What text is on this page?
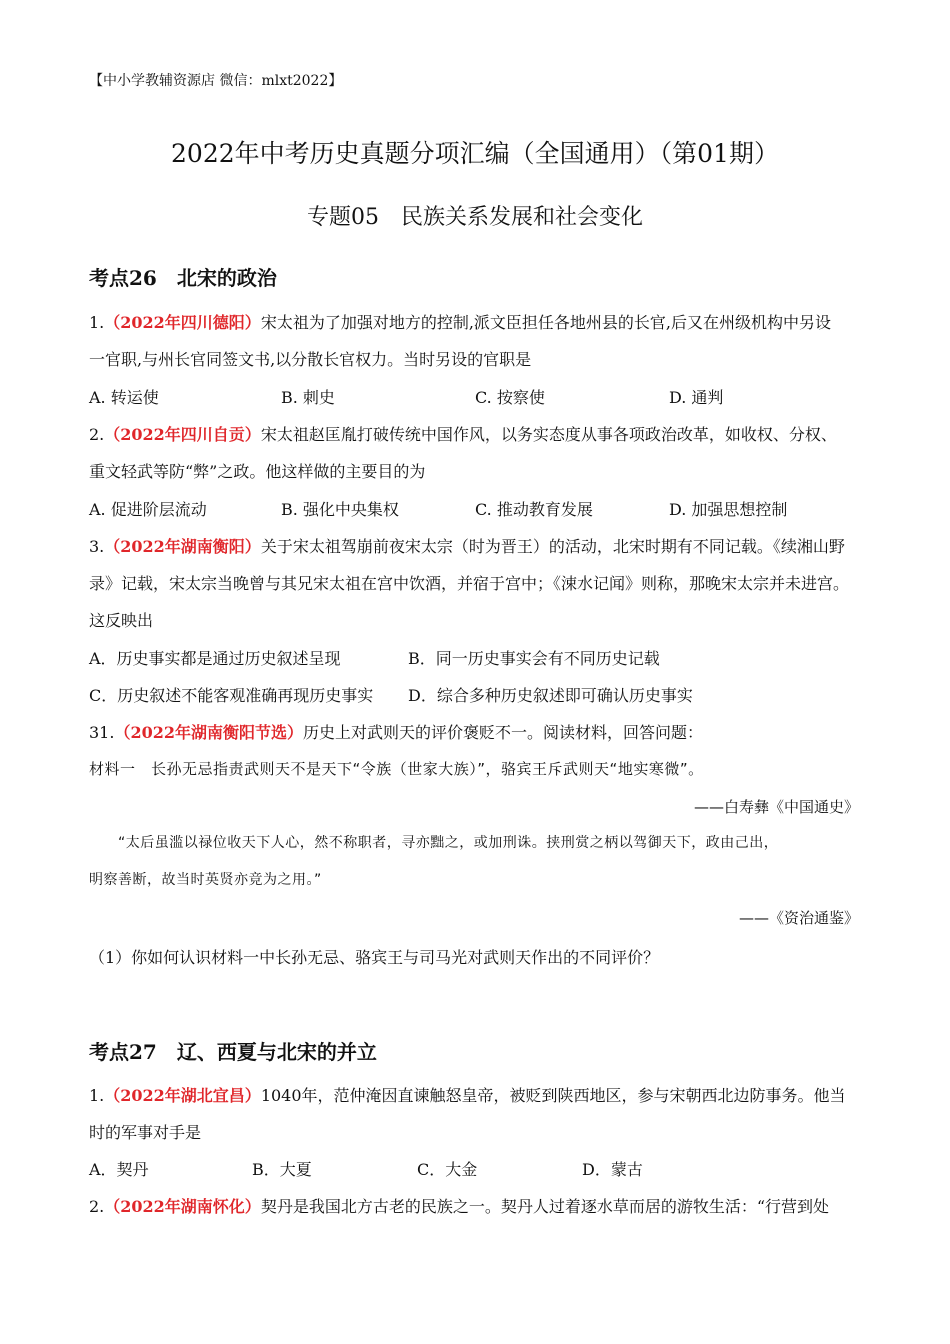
【中小学教辅资源店 微信：mlxt2022】
2022年中考历史真题分项汇编（全国通用）（第01期）
专题05　民族关系发展和社会变化
考点26　北宋的政治
1.（2022年四川德阳）宋太祖为了加强对地方的控制,派文臣担任各地州县的长官,后又在州级机构中另设
一官职,与州长官同签文书,以分散长官权力。当时另设的官职是
A. 转运使	B. 刺史	C. 按察使	D. 通判
2.（2022年四川自贡）宋太祖赵匡胤打破传统中国作风，以务实态度从事各项政治改革，如收权、分权、
重文轻武等防“弊”之政。他这样做的主要目的为
A. 促进阶层流动	B. 强化中央集权	C. 推动教育发展	D. 加强思想控制
3.（2022年湖南衡阳）关于宋太祖驾崩前夜宋太宗（时为晋王）的活动，北宋时期有不同记载。《续湘山野
录》记载，宋太宗当晚曾与其兄宋太祖在宫中饮酒，并宿于宫中；《涑水记闻》则称，那晚宋太宗并未进宫。
这反映出
A．历史事实都是通过历史叙述呈现	B．同一历史事实会有不同历史记载
C．历史叙述不能客观准确再现历史事实 D．综合多种历史叙述即可确认历史事实
31.（2022年湖南衡阳节选）历史上对武则天的评价褒贬不一。阅读材料，回答问题：
材料一　长孙无忌指责武则天不是天下“令族（世家大族）”，骆宾王斥武则天“地实寒微”。
——白寿彝《中国通史》
“太后虽滥以禄位收天下人心，然不称职者，寻亦黜之，或加刑诛。挟刑赏之柄以驾御天下，政由己出，
明察善断，故当时英贤亦竞为之用。”
——《资治通鉴》
（1）你如何认识材料一中长孙无忌、骆宾王与司马光对武则天作出的不同评价？
考点27　辽、西夏与北宋的并立
1.（2022年湖北宜昌）1040年，范仲淹因直谏触怒皇帝，被贬到陕西地区，参与宋朝西北边防事务。他当
时的军事对手是
A．契丹	B．大夏	C．大金	D．蒙古
2.（2022年湖南怀化）契丹是我国北方古老的民族之一。契丹人过着逐水草而居的游牧生活：“行营到处
